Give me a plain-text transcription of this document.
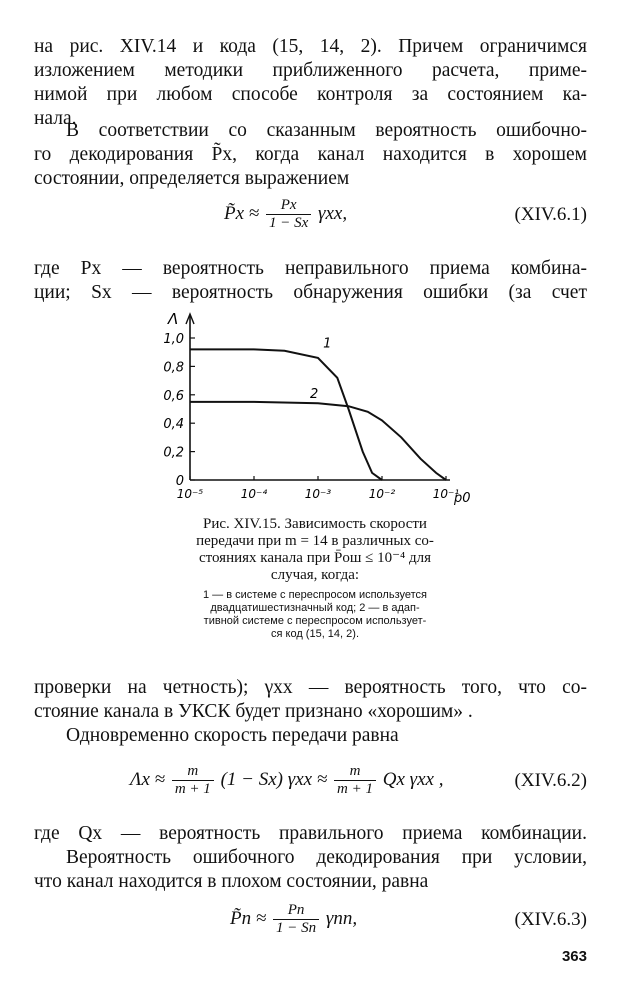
на рис. XIV.14 и кода (15, 14, 2). Причем ограничимся
изложением методики приближенного расчета, приме-
нимой при любом способе контроля за состоянием ка-
нала.
В соответствии со сказанным вероятность ошибочно-
го декодирования P̃х, когда канал находится в хорошем
состоянии, определяется выражением
P̃х ≈ $\frac{Pх}{1 - Sх} \gamma хх$,	(XIV.6.1)
где Pх — вероятность неправильного приема комбина-
ции; Sх — вероятность обнаружения ошибки (за счет
Λ
0
0,2
0,4
0,6
0,8
1,0
10⁻⁵	10⁻⁴	10⁻³	10⁻²	10⁻¹
p0
1
2
Рис. XIV.15. Зависимость скорости
передачи при m = 14 в различных со-
стояниях канала при P̄ош ≤ 10⁻⁴ для
случая, когда:
1 — в системе с переспросом используется
двадцатишестизначный код; 2 — в адап-
тивной системе с переспросом использует-
ся код (15, 14, 2).
проверки на четность); γхх — вероятность того, что со-
стояние канала в УКСК будет признано «хорошим» .
Одновременно скорость передачи равна
$\Lambda х \approx \frac{m}{m + 1} (1 - Sх) \gamma хх \approx \frac{m}{m + 1}$ Qх γхх ,	(XIV.6.2)
где Qх — вероятность правильного приема комбинации.
Вероятность ошибочного декодирования при условии,
что канал находится в плохом состоянии, равна
P̃п ≈ $\frac{Pп}{1 - Sп} \gamma пп$,	(XIV.6.3)
363
